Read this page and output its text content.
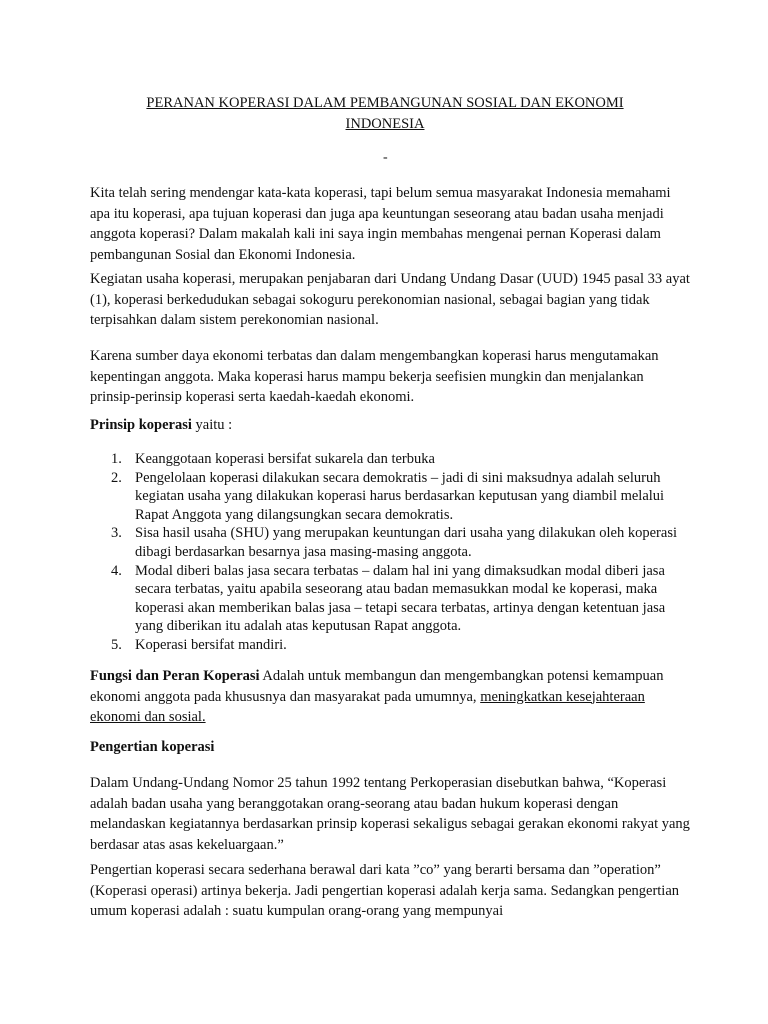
PERANAN KOPERASI DALAM PEMBANGUNAN SOSIAL DAN EKONOMI
INDONESIA

-

Kita telah sering mendengar kata-kata koperasi, tapi belum semua masyarakat Indonesia memahami apa itu koperasi, apa tujuan koperasi dan juga apa keuntungan seseorang atau badan usaha menjadi anggota koperasi? Dalam makalah kali ini saya ingin membahas mengenai pernan Koperasi dalam pembangunan Sosial dan Ekonomi Indonesia.

Kegiatan usaha koperasi, merupakan penjabaran dari Undang Undang Dasar (UUD) 1945 pasal 33 ayat (1), koperasi berkedudukan sebagai sokoguru perekonomian nasional, sebagai bagian yang tidak terpisahkan dalam sistem perekonomian nasional.

Karena sumber daya ekonomi terbatas dan dalam mengembangkan koperasi harus mengutamakan kepentingan anggota. Maka koperasi harus mampu bekerja seefisien mungkin dan menjalankan prinsip-perinsip koperasi serta kaedah-kaedah ekonomi.

Prinsip koperasi yaitu :

1. Keanggotaan koperasi bersifat sukarela dan terbuka
2. Pengelolaan koperasi dilakukan secara demokratis – jadi di sini maksudnya adalah seluruh kegiatan usaha yang dilakukan koperasi harus berdasarkan keputusan yang diambil melalui Rapat Anggota yang dilangsungkan secara demokratis.
3. Sisa hasil usaha (SHU) yang merupakan keuntungan dari usaha yang dilakukan oleh koperasi dibagi berdasarkan besarnya jasa masing-masing anggota.
4. Modal diberi balas jasa secara terbatas – dalam hal ini yang dimaksudkan modal diberi jasa secara terbatas, yaitu apabila seseorang atau badan memasukkan modal ke koperasi, maka koperasi akan memberikan balas jasa – tetapi secara terbatas, artinya dengan ketentuan jasa yang diberikan itu adalah atas keputusan Rapat anggota.
5. Koperasi bersifat mandiri.

Fungsi dan Peran Koperasi Adalah untuk membangun dan mengembangkan potensi kemampuan ekonomi anggota pada khususnya dan masyarakat pada umumnya, meningkatkan kesejahteraan ekonomi dan sosial.

Pengertian koperasi

Dalam Undang-Undang Nomor 25 tahun 1992 tentang Perkoperasian disebutkan bahwa, “Koperasi adalah badan usaha yang beranggotakan orang-seorang atau badan hukum koperasi dengan melandaskan kegiatannya berdasarkan prinsip koperasi sekaligus sebagai gerakan ekonomi rakyat yang berdasar atas asas kekeluargaan.”

Pengertian koperasi secara sederhana berawal dari kata ”co” yang berarti bersama dan ”operation” (Koperasi operasi) artinya bekerja. Jadi pengertian koperasi adalah kerja sama. Sedangkan pengertian umum koperasi adalah : suatu kumpulan orang-orang yang mempunyai
